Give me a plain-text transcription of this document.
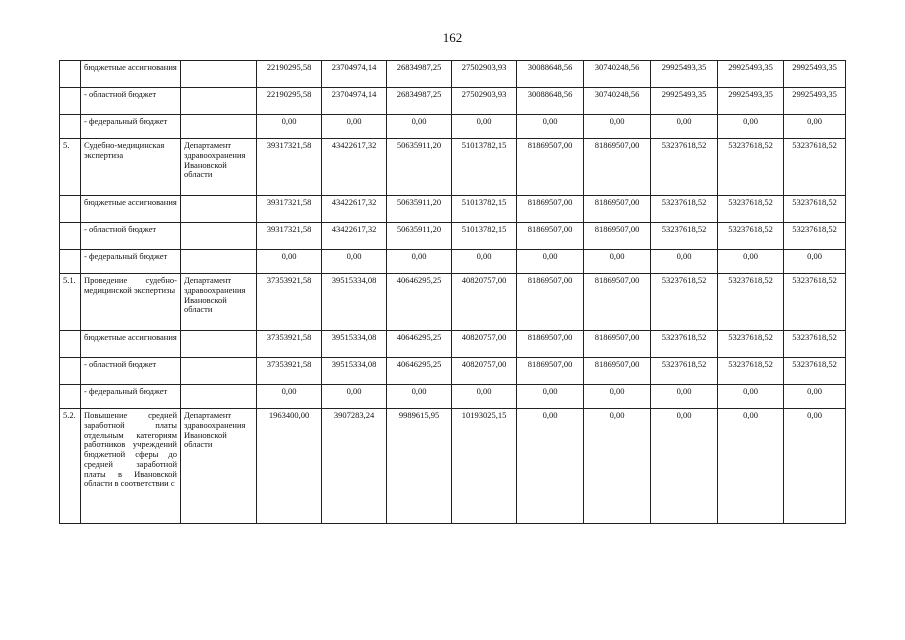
162
	бюджетные ассигнования		22190295,58	23704974,14	26834987,25	27502903,93	30088648,56	30740248,56	29925493,35	29925493,35	29925493,35
	- областной бюджет		22190295,58	23704974,14	26834987,25	27502903,93	30088648,56	30740248,56	29925493,35	29925493,35	29925493,35
	- федеральный бюджет		0,00	0,00	0,00	0,00	0,00	0,00	0,00	0,00	0,00
5.	Судебно-медицинская экспертиза	Департамент здравоохранения Ивановской области	39317321,58	43422617,32	50635911,20	51013782,15	81869507,00	81869507,00	53237618,52	53237618,52	53237618,52
	бюджетные ассигнования		39317321,58	43422617,32	50635911,20	51013782,15	81869507,00	81869507,00	53237618,52	53237618,52	53237618,52
	- областной бюджет		39317321,58	43422617,32	50635911,20	51013782,15	81869507,00	81869507,00	53237618,52	53237618,52	53237618,52
	- федеральный бюджет		0,00	0,00	0,00	0,00	0,00	0,00	0,00	0,00	0,00
5.1.	Проведение судебно-медицинской экспертизы	Департамент здравоохранения Ивановской области	37353921,58	39515334,08	40646295,25	40820757,00	81869507,00	81869507,00	53237618,52	53237618,52	53237618,52
	бюджетные ассигнования		37353921,58	39515334,08	40646295,25	40820757,00	81869507,00	81869507,00	53237618,52	53237618,52	53237618,52
	- областной бюджет		37353921,58	39515334,08	40646295,25	40820757,00	81869507,00	81869507,00	53237618,52	53237618,52	53237618,52
	- федеральный бюджет		0,00	0,00	0,00	0,00	0,00	0,00	0,00	0,00	0,00
5.2.	Повышение средней заработной платы отдельным категориям работников учреждений бюджетной сферы до средней заработной платы в Ивановской области в соответствии с	Департамент здравоохранения Ивановской области	1963400,00	3907283,24	9989615,95	10193025,15	0,00	0,00	0,00	0,00	0,00
